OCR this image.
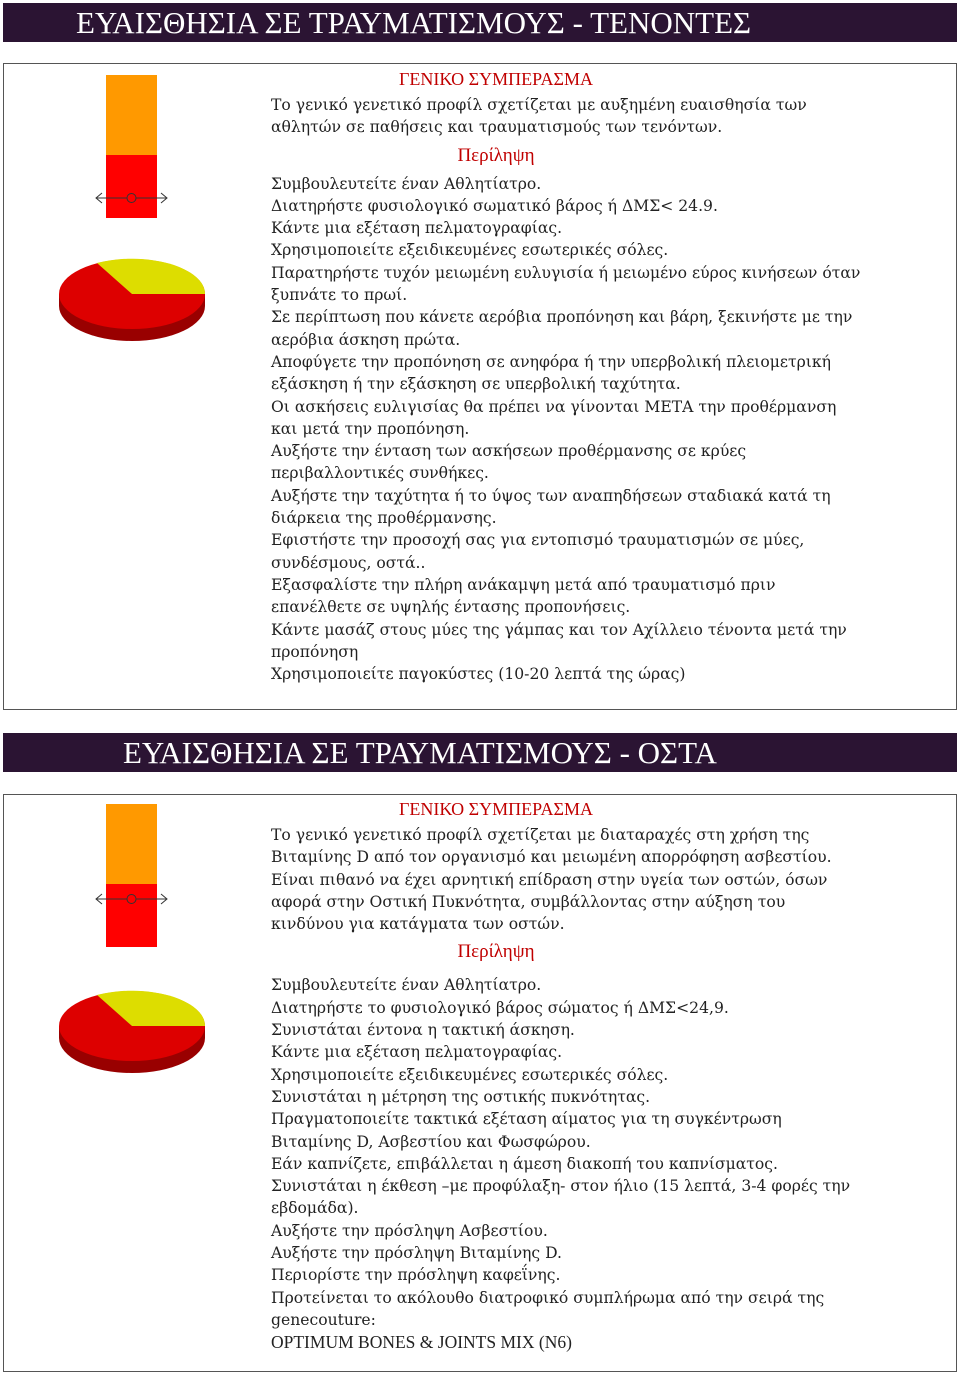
ΕΥΑΙΣΘΗΣΙΑ ΣΕ ΤΡΑΥΜΑΤΙΣΜΟΥΣ - ΤΕΝΟΝΤΕΣ
ΓΕΝΙΚΟ ΣΥΜΠΕΡΑΣΜΑ
Το γενικό γενετικό προφίλ σχετίζεται με αυξημένη ευαισθησία των
αθλητών σε παθήσεις και τραυματισμούς των τενόντων.
Περίληψη
Συμβουλευτείτε έναν Αθλητίατρο.
Διατηρήστε φυσιολογικό σωματικό βάρος ή ΔΜΣ< 24.9.
Κάντε μια εξέταση πελματογραφίας.
Χρησιμοποιείτε εξειδικευμένες εσωτερικές σόλες.
Παρατηρήστε τυχόν μειωμένη ευλυγισία ή μειωμένο εύρος κινήσεων όταν
ξυπνάτε το πρωί.
Σε περίπτωση που κάνετε αερόβια προπόνηση και βάρη, ξεκινήστε με την
αερόβια άσκηση πρώτα.
Αποφύγετε την προπόνηση σε ανηφόρα ή την υπερβολική πλειομετρική
εξάσκηση ή την εξάσκηση σε υπερβολική ταχύτητα.
Οι ασκήσεις ευλιγισίας θα πρέπει να γίνονται ΜΕΤΑ την προθέρμανση
και μετά την προπόνηση.
Αυξήστε την ένταση των ασκήσεων προθέρμανσης σε κρύες
περιβαλλοντικές συνθήκες.
Αυξήστε την ταχύτητα ή το ύψος των αναπηδήσεων σταδιακά κατά τη
διάρκεια της προθέρμανσης.
Εφιστήστε την προσοχή σας για εντοπισμό τραυματισμών σε μύες,
συνδέσμους, οστά..
Εξασφαλίστε την πλήρη ανάκαμψη μετά από τραυματισμό πριν
επανέλθετε σε υψηλής έντασης προπονήσεις.
Κάντε μασάζ στους μύες της γάμπας και τον Αχίλλειο τένοντα μετά την
προπόνηση
Χρησιμοποιείτε παγοκύστες (10-20 λεπτά της ώρας)
ΕΥΑΙΣΘΗΣΙΑ ΣΕ ΤΡΑΥΜΑΤΙΣΜΟΥΣ - ΟΣΤΑ
ΓΕΝΙΚΟ ΣΥΜΠΕΡΑΣΜΑ
Το γενικό γενετικό προφίλ σχετίζεται με διαταραχές στη χρήση της
Βιταμίνης D από τον οργανισμό και μειωμένη απορρόφηση ασβεστίου.
Είναι πιθανό να έχει αρνητική επίδραση στην υγεία των οστών, όσων
αφορά στην Οστική Πυκνότητα, συμβάλλοντας στην αύξηση του
κινδύνου για κατάγματα των οστών.
Περίληψη
Συμβουλευτείτε έναν Αθλητίατρο.
Διατηρήστε το φυσιολογικό βάρος σώματος ή ΔΜΣ<24,9.
Συνιστάται έντονα η τακτική άσκηση.
Κάντε μια εξέταση πελματογραφίας.
Χρησιμοποιείτε εξειδικευμένες εσωτερικές σόλες.
Συνιστάται η μέτρηση της οστικής πυκνότητας.
Πραγματοποιείτε τακτικά εξέταση αίματος για τη συγκέντρωση
Βιταμίνης D, Ασβεστίου και Φωσφώρου.
Εάν καπνίζετε, επιβάλλεται η άμεση διακοπή του καπνίσματος.
Συνιστάται η έκθεση –με προφύλαξη- στον ήλιο (15 λεπτά, 3-4 φορές την
εβδομάδα).
Αυξήστε την πρόσληψη Ασβεστίου.
Αυξήστε την πρόσληψη Βιταμίνης D.
Περιορίστε την πρόσληψη καφεΐνης.
Προτείνεται το ακόλουθο διατροφικό συμπλήρωμα από την σειρά της
genecouture:
OPTIMUM BONES & JOINTS MIX (N6)
